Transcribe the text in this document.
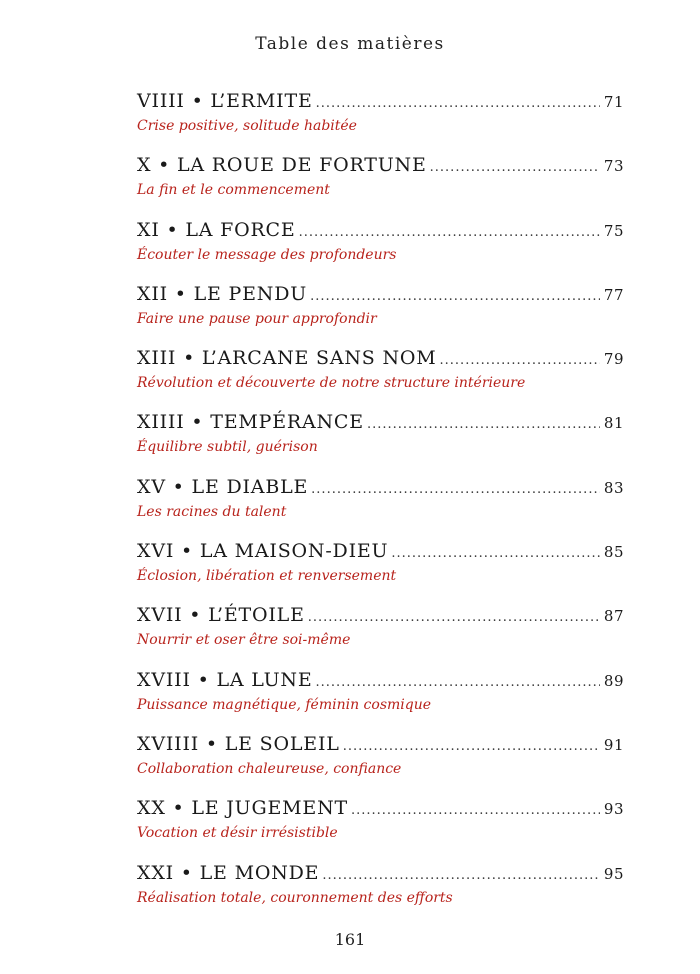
Table des matières
VIIII • L’ERMITE .....	71
Crise positive, solitude habitée
X • LA ROUE DE FORTUNE .....	73
La fin et le commencement
XI • LA FORCE .....	75
Écouter le message des profondeurs
XII • LE PENDU .....	77
Faire une pause pour approfondir
XIII • L’ARCANE SANS NOM .....	79
Révolution et découverte de notre structure intérieure
XIIII • TEMPÉRANCE .....	81
Équilibre subtil, guérison
XV • LE DIABLE .....	83
Les racines du talent
XVI • LA MAISON-DIEU .....	85
Éclosion, libération et renversement
XVII • L’ÉTOILE .....	87
Nourrir et oser être soi-même
XVIII • LA LUNE .....	89
Puissance magnétique, féminin cosmique
XVIIII • LE SOLEIL .....	91
Collaboration chaleureuse, confiance
XX • LE JUGEMENT .....	93
Vocation et désir irrésistible
XXI • LE MONDE .....	95
Réalisation totale, couronnement des efforts
161
